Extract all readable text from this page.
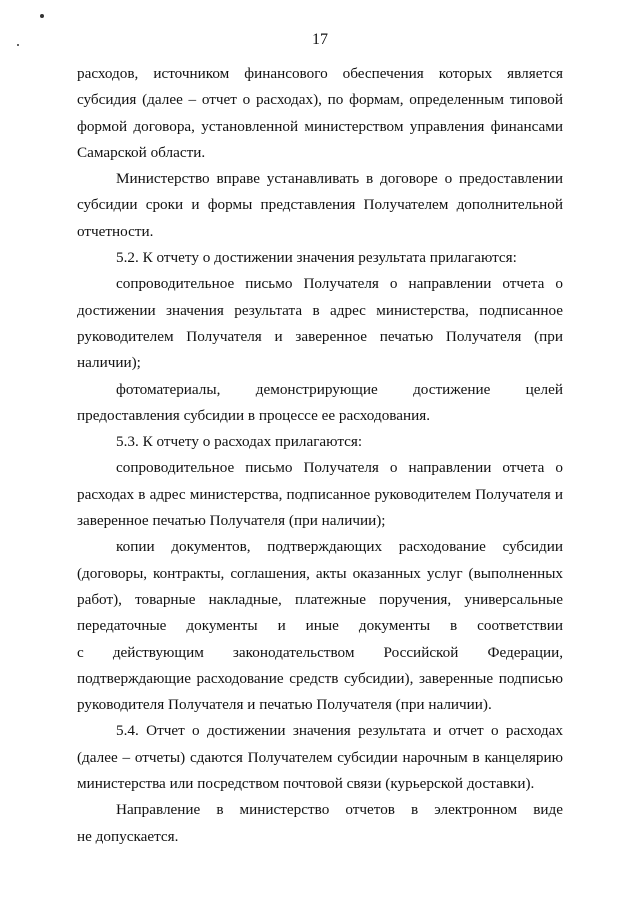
17
расходов, источником финансового обеспечения которых является
субсидия (далее – отчет о расходах), по формам, определенным типовой
формой договора, установленной министерством управления финансами
Самарской области.
Министерство вправе устанавливать в договоре о предоставлении
субсидии сроки и формы представления Получателем дополнительной
отчетности.
5.2. К отчету о достижении значения результата прилагаются:
сопроводительное письмо Получателя о направлении отчета о
достижении значения результата в адрес министерства, подписанное
руководителем Получателя и заверенное печатью Получателя (при
наличии);
фотоматериалы, демонстрирующие достижение целей
предоставления субсидии в процессе ее расходования.
5.3. К отчету о расходах прилагаются:
сопроводительное письмо Получателя о направлении отчета о
расходах в адрес министерства, подписанное руководителем Получателя и
заверенное печатью Получателя (при наличии);
копии документов, подтверждающих расходование субсидии
(договоры, контракты, соглашения, акты оказанных услуг (выполненных
работ), товарные накладные, платежные поручения, универсальные
передаточные документы и иные документы в соответствии
с действующим законодательством Российской Федерации,
подтверждающие расходование средств субсидии), заверенные подписью
руководителя Получателя и печатью Получателя (при наличии).
5.4. Отчет о достижении значения результата и отчет о расходах
(далее – отчеты) сдаются Получателем субсидии нарочным в канцелярию
министерства или посредством почтовой связи (курьерской доставки).
Направление в министерство отчетов в электронном виде
не допускается.
